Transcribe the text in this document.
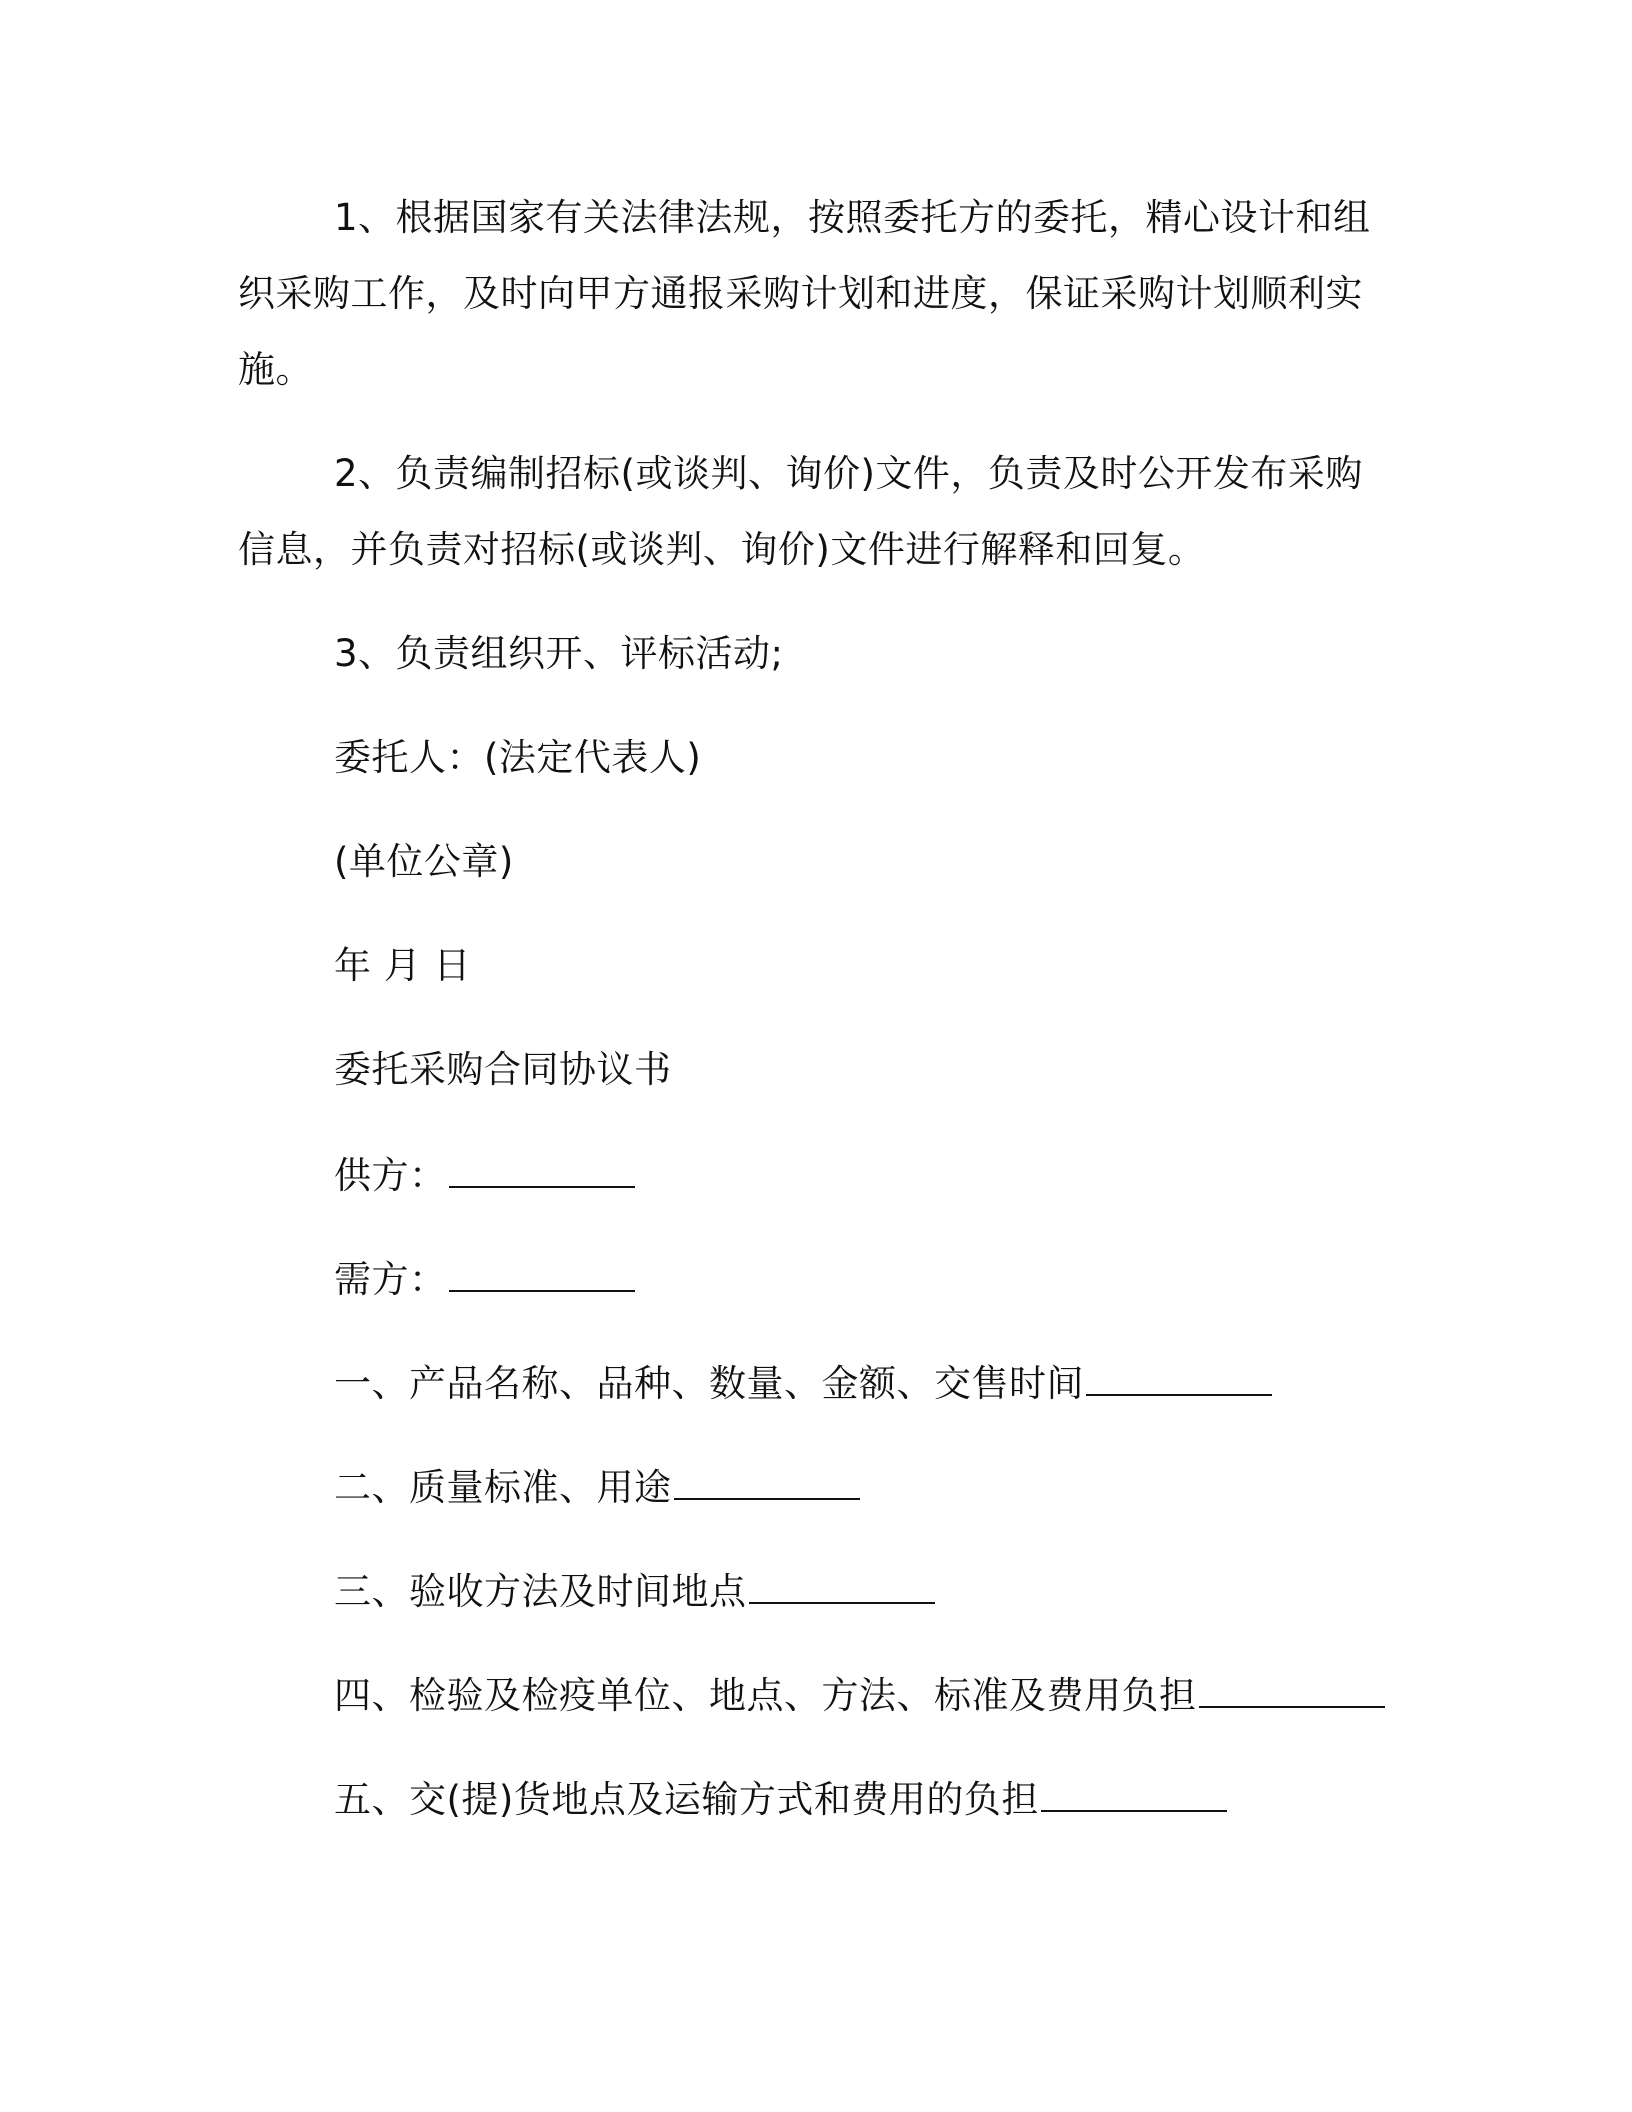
1、根据国家有关法律法规，按照委托方的委托，精心设计和组
织采购工作，及时向甲方通报采购计划和进度，保证采购计划顺利实
施。
2、负责编制招标(或谈判、询价)文件，负责及时公开发布采购
信息，并负责对招标(或谈判、询价)文件进行解释和回复。
3、负责组织开、评标活动;
委托人：(法定代表人)
(单位公章)
年 月 日
委托采购合同协议书
供方：
需方：
一、产品名称、品种、数量、金额、交售时间
二、质量标准、用途
三、验收方法及时间地点
四、检验及检疫单位、地点、方法、标准及费用负担
五、交(提)货地点及运输方式和费用的负担
